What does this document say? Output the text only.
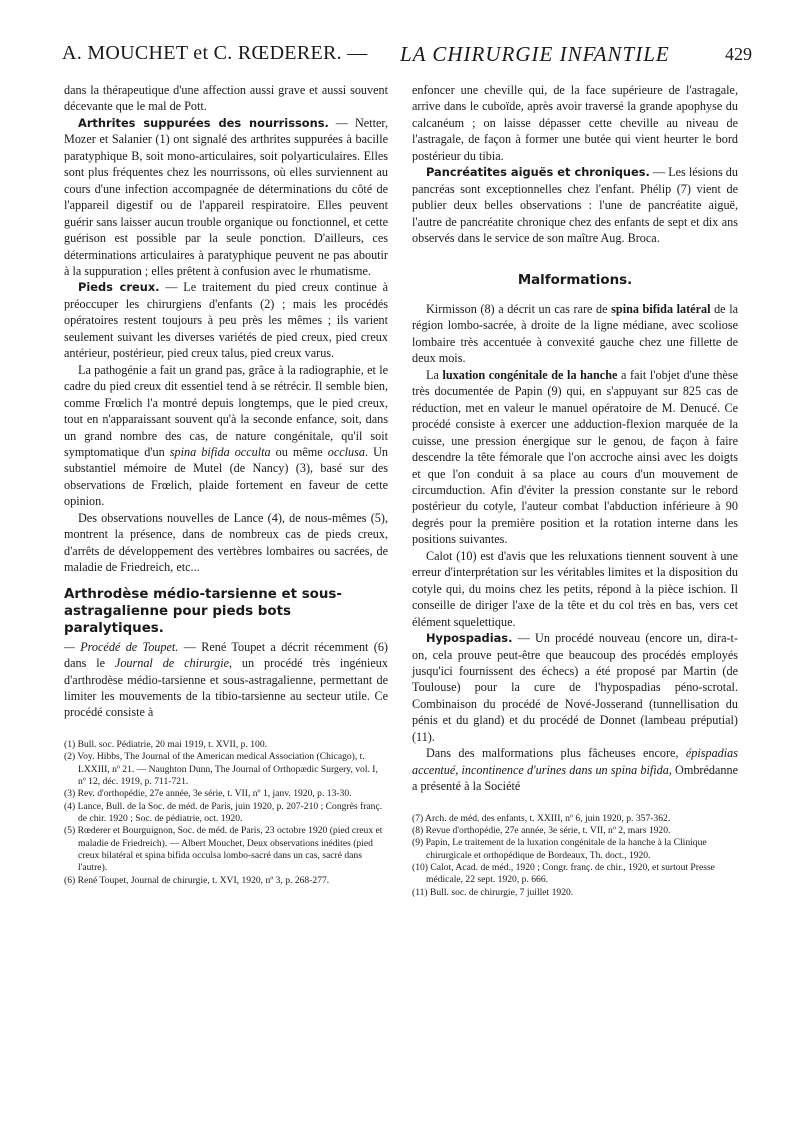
A. MOUCHET et C. RŒDERER. — LA CHIRURGIE INFANTILE	429

dans la thérapeutique d'une affection aussi grave et aussi souvent décevante que le mal de Pott.

Arthrites suppurées des nourrissons. — Netter, Mozer et Salanier (1) ont signalé des arthrites suppurées à bacille paratyphique B, soit mono-articulaires, soit polyarticulaires. Elles sont plus fréquentes chez les nourrissons, où elles surviennent au cours d'une infection accompagnée de déterminations du côté de l'appareil digestif ou de l'appareil respiratoire. Elles peuvent guérir sans laisser aucun trouble organique ou fonctionnel, et cette guérison est possible par la seule ponction. D'ailleurs, ces déterminations articulaires à paratyphique peuvent ne pas aboutir à la suppuration ; elles prêtent à confusion avec le rhumatisme.

Pieds creux. — Le traitement du pied creux continue à préoccuper les chirurgiens d'enfants (2) ; mais les procédés opératoires restent toujours à peu près les mêmes ; ils varient seulement suivant les diverses variétés de pied creux, pied creux antérieur, postérieur, pied creux talus, pied creux varus.

La pathogénie a fait un grand pas, grâce à la radiographie, et le cadre du pied creux dit essentiel tend à se rétrécir. Il semble bien, comme Frœlich l'a montré depuis longtemps, que le pied creux, tout en n'apparaissant souvent qu'à la seconde enfance, soit, dans un grand nombre des cas, de nature congénitale, qu'il soit symptomatique d'un spina bifida occulta ou même occlusa. Un substantiel mémoire de Mutel (de Nancy) (3), basé sur des observations de Frœlich, plaide fortement en faveur de cette opinion.

Des observations nouvelles de Lance (4), de nous-mêmes (5), montrent la présence, dans de nombreux cas de pieds creux, d'arrêts de développement des vertèbres lombaires ou sacrées, de maladie de Friedreich, etc...

Arthrodèse médio-tarsienne et sous-astragalienne pour pieds bots paralytiques.

— Procédé de Toupet. — René Toupet a décrit récemment (6) dans le Journal de chirurgie, un procédé très ingénieux d'arthrodèse médio-tarsienne et sous-astragalienne, permettant de limiter les mouvements de la tibio-tarsienne au secteur utile. Ce procédé consiste à

(1) Bull. soc. Pédiatrie, 20 mai 1919, t. XVII, p. 100.

(2) Voy. Hibbs, The Journal of the American medical Association (Chicago), t. LXXIII, nº 21. — Naughton Dunn, The Journal of Orthopædic Surgery, vol. I, nº 12, déc. 1919, p. 711-721.

(3) Rev. d'orthopédie, 27e année, 3e série, t. VII, nº 1, janv. 1920, p. 13-30.

(4) Lance, Bull. de la Soc. de méd. de Paris, juin 1920, p. 207-210 ; Congrès franç. de chir. 1920 ; Soc. de pédiatrie, oct. 1920.

(5) Rœderer et Bourguignon, Soc. de méd. de Paris, 23 octobre 1920 (pied creux et maladie de Friedreich). — Albert Mouchet, Deux observations inédites (pied creux bilatéral et spina bifida occulsa lombo-sacré dans un cas, sacré dans l'autre).

(6) René Toupet, Journal de chirurgie, t. XVI, 1920, nº 3, p. 268-277.

enfoncer une cheville qui, de la face supérieure de l'astragale, arrive dans le cuboïde, après avoir traversé la grande apophyse du calcanéum ; on laisse dépasser cette cheville au niveau de l'astragale, de façon à former une butée qui vient heurter le bord postérieur du tibia.

Pancréatites aiguës et chroniques. — Les lésions du pancréas sont exceptionnelles chez l'enfant. Phélip (7) vient de publier deux belles observations : l'une de pancréatite aiguë, l'autre de pancréatite chronique chez des enfants de sept et dix ans observés dans le service de son maître Aug. Broca.

Malformations.

Kirmisson (8) a décrit un cas rare de spina bifida latéral de la région lombo-sacrée, à droite de la ligne médiane, avec scoliose lombaire très accentuée à convexité gauche chez une fillette de deux mois.

La luxation congénitale de la hanche a fait l'objet d'une thèse très documentée de Papin (9) qui, en s'appuyant sur 825 cas de réduction, met en valeur le manuel opératoire de M. Denucé. Ce procédé consiste à exercer une adduction-flexion marquée de la cuisse, une pression énergique sur le genou, de façon à faire descendre la tête fémorale que l'on accroche ainsi avec les doigts et que l'on conduit à sa place au cours d'un mouvement de circumduction. Afin d'éviter la pression constante sur le rebord postérieur du cotyle, l'auteur combat l'abduction inférieure à 90 degrés pour la première position et la rotation interne dans les positions suivantes.

Calot (10) est d'avis que les reluxations tiennent souvent à une erreur d'interprétation sur les véritables limites et la disposition du cotyle qui, du moins chez les petits, répond à la pièce ischion. Il conseille de diriger l'axe de la tête et du col très en bas, vers cet élément squelettique.

Hypospadias. — Un procédé nouveau (encore un, dira-t-on, cela prouve peut-être que beaucoup des procédés employés jusqu'ici fournissent des échecs) a été proposé par Martin (de Toulouse) pour la cure de l'hypospadias péno-scrotal. Combinaison du procédé de Nové-Josserand (tunnellisation du pénis et du gland) et du procédé de Donnet (lambeau préputial) (11).

Dans des malformations plus fâcheuses encore, épispadias accentué, incontinence d'urines dans un spina bifida, Ombrédanne a présenté à la Société

(7) Arch. de méd. des enfants, t. XXIII, nº 6, juin 1920, p. 357-362.

(8) Revue d'orthopédie, 27e année, 3e série, t. VII, nº 2, mars 1920.

(9) Papin, Le traitement de la luxation congénitale de la hanche à la Clinique chirurgicale et orthopédique de Bordeaux, Th. doct., 1920.

(10) Calot, Acad. de méd., 1920 ; Congr. franç. de chir., 1920, et surtout Presse médicale, 22 sept. 1920, p. 666.

(11) Bull. soc. de chirurgie, 7 juillet 1920.
